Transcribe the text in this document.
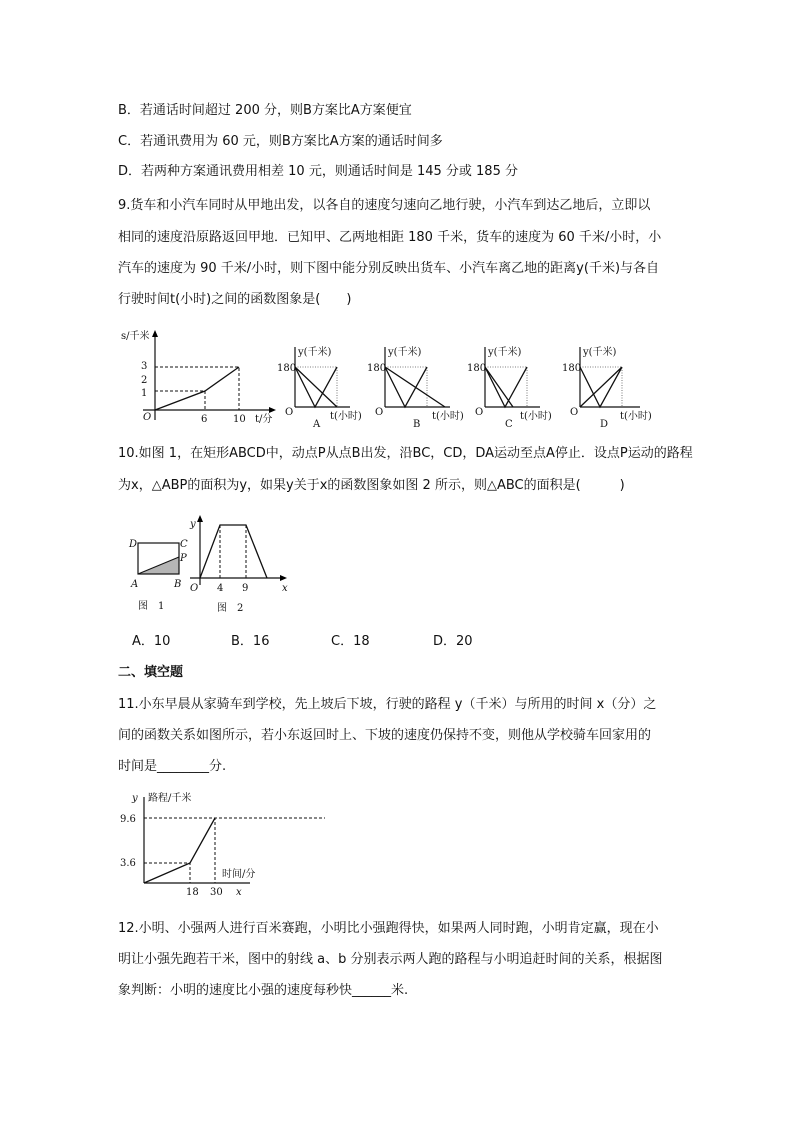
B．若通话时间超过 200 分，则B方案比A方案便宜
C．若通讯费用为 60 元，则B方案比A方案的通话时间多
D．若两种方案通讯费用相差 10 元，则通话时间是 145 分或 185 分
9.货车和小汽车同时从甲地出发，以各自的速度匀速向乙地行驶，小汽车到达乙地后，立即以
相同的速度沿原路返回甲地．已知甲、乙两地相距 180 千米，货车的速度为 60 千米/小时，小
汽车的速度为 90 千米/小时，则下图中能分别反映出货车、小汽车离乙地的距离y(千米)与各自
行驶时间t(小时)之间的函数图象是(　　)
s/千米
3
2
1
O	6	10 t/分
y(千米)
180
O	t(小时)
A
y(千米)
180
O	t(小时)
B
y(千米)
180
O	t(小时)
C
y(千米)
180
O	t(小时)
D
10.如图 1，在矩形ABCD中，动点P从点B出发，沿BC，CD，DA运动至点A停止．设点P运动的路程
为x，△ABP的面积为y，如果y关于x的函数图象如图 2 所示，则△ABC的面积是(　　　)
D	C
P
A	B
图　1
y
O 4 9	x
图　2
A．10	B．16	C．18	D．20
二、填空题
11.小东早晨从家骑车到学校，先上坡后下坡，行驶的路程 y（千米）与所用的时间 x（分）之
间的函数关系如图所示，若小东返回时上、下坡的速度仍保持不变，则他从学校骑车回家用的
时间是________分.
y 路程/千米
9.6
3.6
18 30 x
时间/分
12.小明、小强两人进行百米赛跑，小明比小强跑得快，如果两人同时跑，小明肯定赢，现在小
明让小强先跑若干米，图中的射线 a、b 分别表示两人跑的路程与小明追赶时间的关系，根据图
象判断：小明的速度比小强的速度每秒快______米.
